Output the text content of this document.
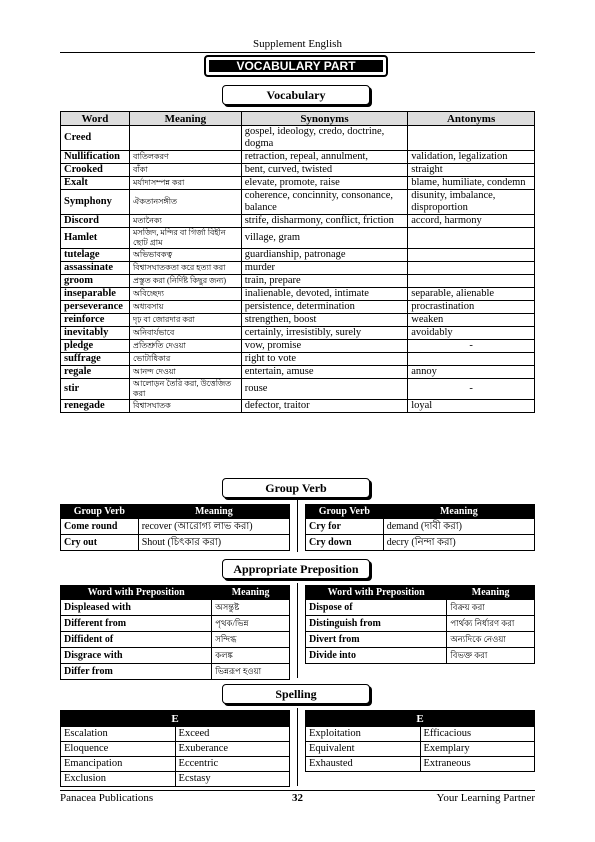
Supplement English
VOCABULARY PART
Vocabulary
Word	Meaning	Synonyms	Antonyms
Creed		gospel, ideology, credo, doctrine, dogma	
Nullification	বাতিলকরণ	retraction, repeal, annulment,	validation, legalization
Crooked	বাঁকা	bent, curved, twisted	straight
Exalt	মর্যাদাসম্পন্ন করা	elevate, promote, raise	blame, humiliate, condemn
Symphony	ঐকতানসঙ্গীত	coherence, concinnity, consonance, balance	disunity, imbalance, disproportion
Discord	মতানৈক্য	strife, disharmony, conflict, friction	accord, harmony
Hamlet	মসজিদ, মন্দির বা গির্জা বিহীন ছোট গ্রাম	village, gram	
tutelage	অভিভাবকত্ব	guardianship, patronage	
assassinate	বিশ্বাসঘাতকতা করে হত্যা করা	murder	
groom	প্রস্তুত করা (নির্দিষ্ট কিছুর জন্য)	train, prepare	
inseparable	অবিচ্ছেদ্য	inalienable, devoted, intimate	separable, alienable
perseverance	অধ্যবসায়	persistence, determination	procrastination
reinforce	দৃঢ় বা জোরদার করা	strengthen, boost	weaken
inevitably	অনিবার্যভাবে	certainly, irresistibly, surely	avoidably
pledge	প্রতিশ্রুতি দেওয়া	vow, promise	-
suffrage	ভোটাধিকার	right to vote	
regale	আনন্দ দেওয়া	entertain, amuse	annoy
stir	আলোড়ন তৈরি করা, উত্তেজিত করা	rouse	-
renegade	বিশ্বাসঘাতক	defector, traitor	loyal
Group Verb
Group Verb	Meaning
Come round	recover (আরোগ্য লাভ করা)
Cry out	Shout (চিৎকার করা)
Group Verb	Meaning
Cry for	demand (দাবী করা)
Cry down	decry (নিন্দা করা)
Appropriate Preposition
Word with Preposition	Meaning
Displeased with	অসন্তুষ্ট
Different from	পৃথক/ভিন্ন
Diffident of	সন্দিগ্ধ
Disgrace with	কলঙ্ক
Differ from	ভিন্নরূপ হওয়া
Word with Preposition	Meaning
Dispose of	বিক্রয় করা
Distinguish from	পার্থক্য নির্ধারণ করা
Divert from	অন্যদিকে নেওয়া
Divide into	বিভক্ত করা
Spelling
E	
Escalation	Exceed
Eloquence	Exuberance
Emancipation	Eccentric
Exclusion	Ecstasy
E	
Exploitation	Efficacious
Equivalent	Exemplary
Exhausted	Extraneous
Panacea Publications	32	Your Learning Partner
